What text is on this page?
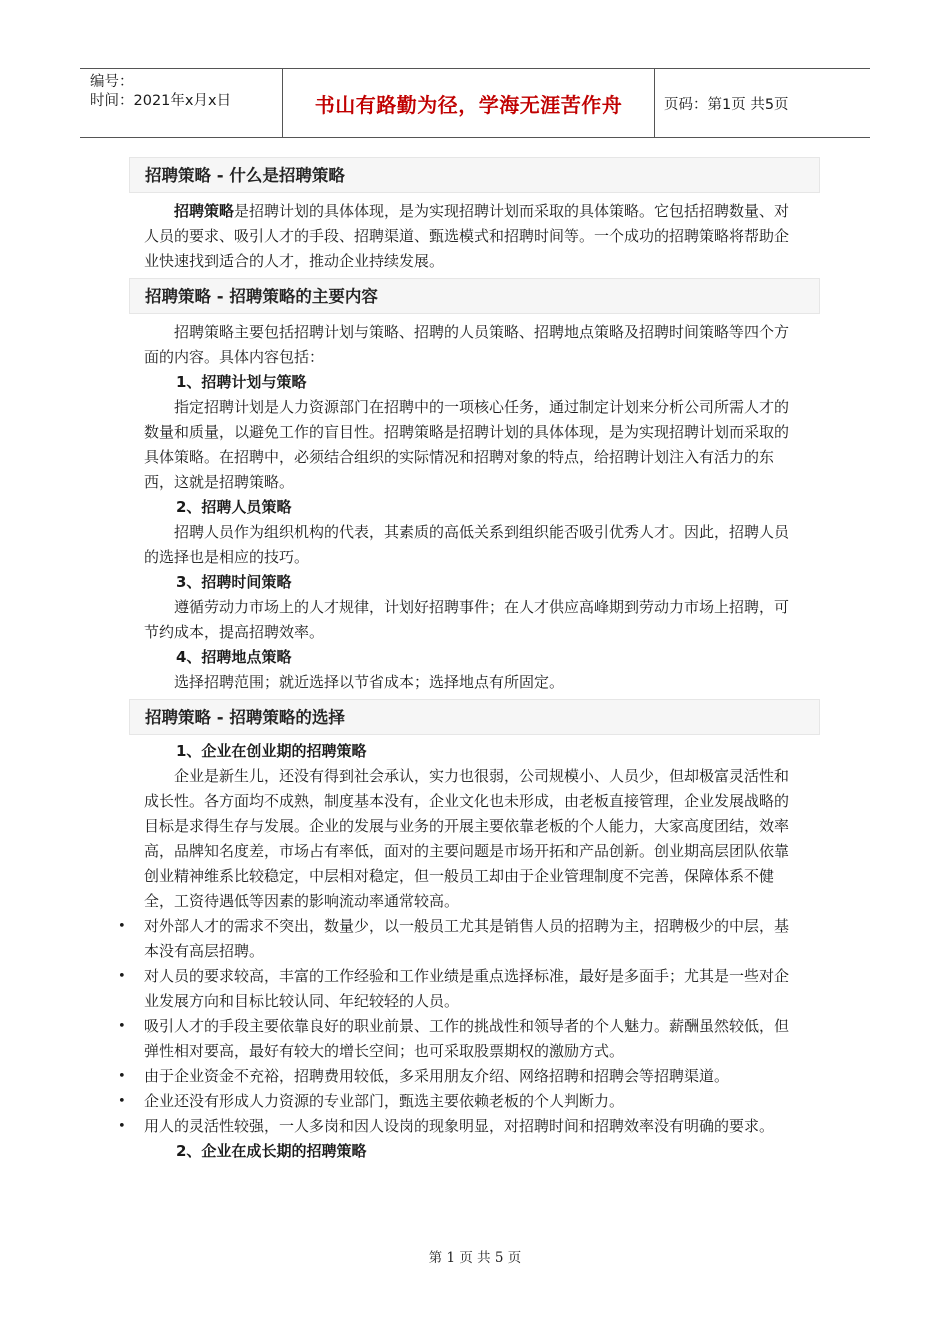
编号：
时间：2021年x月x日	书山有路勤为径，学海无涯苦作舟	页码：第1页 共5页
招聘策略 - 什么是招聘策略

招聘策略是招聘计划的具体体现，是为实现招聘计划而采取的具体策略。它包括招聘数量、对人员的要求、吸引人才的手段、招聘渠道、甄选模式和招聘时间等。一个成功的招聘策略将帮助企业快速找到适合的人才，推动企业持续发展。

招聘策略 - 招聘策略的主要内容

招聘策略主要包括招聘计划与策略、招聘的人员策略、招聘地点策略及招聘时间策略等四个方面的内容。具体内容包括：

1、招聘计划与策略

指定招聘计划是人力资源部门在招聘中的一项核心任务，通过制定计划来分析公司所需人才的数量和质量，以避免工作的盲目性。招聘策略是招聘计划的具体体现，是为实现招聘计划而采取的具体策略。在招聘中，必须结合组织的实际情况和招聘对象的特点，给招聘计划注入有活力的东西，这就是招聘策略。

2、招聘人员策略

招聘人员作为组织机构的代表，其素质的高低关系到组织能否吸引优秀人才。因此，招聘人员的选择也是相应的技巧。

3、招聘时间策略

遵循劳动力市场上的人才规律，计划好招聘事件；在人才供应高峰期到劳动力市场上招聘，可节约成本，提高招聘效率。

4、招聘地点策略

选择招聘范围；就近选择以节省成本；选择地点有所固定。

招聘策略 - 招聘策略的选择
1、企业在创业期的招聘策略

企业是新生儿，还没有得到社会承认，实力也很弱，公司规模小、人员少，但却极富灵活性和成长性。各方面均不成熟，制度基本没有，企业文化也未形成，由老板直接管理，企业发展战略的目标是求得生存与发展。企业的发展与业务的开展主要依靠老板的个人能力，大家高度团结，效率高，品牌知名度差，市场占有率低，面对的主要问题是市场开拓和产品创新。创业期高层团队依靠创业精神维系比较稳定，中层相对稳定，但一般员工却由于企业管理制度不完善，保障体系不健全，工资待遇低等因素的影响流动率通常较高。

• 对外部人才的需求不突出，数量少，以一般员工尤其是销售人员的招聘为主，招聘极少的中层，基本没有高层招聘。
• 对人员的要求较高，丰富的工作经验和工作业绩是重点选择标准，最好是多面手；尤其是一些对企业发展方向和目标比较认同、年纪较轻的人员。
• 吸引人才的手段主要依靠良好的职业前景、工作的挑战性和领导者的个人魅力。薪酬虽然较低，但弹性相对要高，最好有较大的增长空间；也可采取股票期权的激励方式。
• 由于企业资金不充裕，招聘费用较低，多采用朋友介绍、网络招聘和招聘会等招聘渠道。
• 企业还没有形成人力资源的专业部门，甄选主要依赖老板的个人判断力。
• 用人的灵活性较强，一人多岗和因人设岗的现象明显，对招聘时间和招聘效率没有明确的要求。
2、企业在成长期的招聘策略
第 1 页 共 5 页
